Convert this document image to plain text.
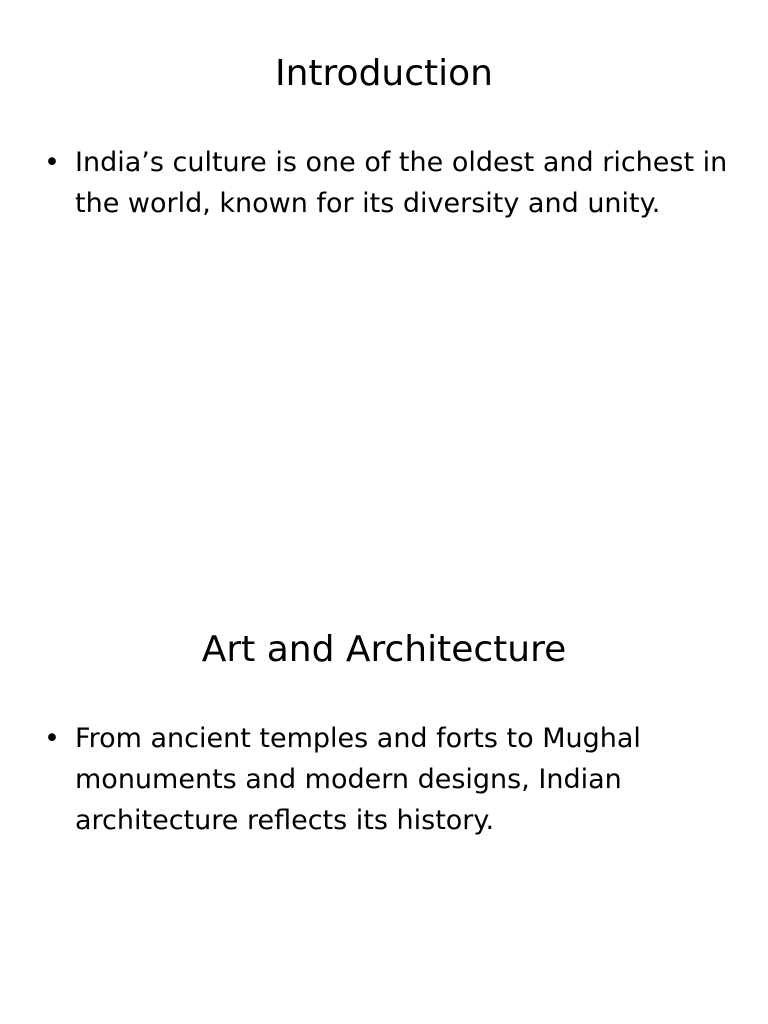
Introduction
• India’s culture is one of the oldest and richest in the world, known for its diversity and unity.
Art and Architecture
• From ancient temples and forts to Mughal monuments and modern designs, Indian architecture reflects its history.
